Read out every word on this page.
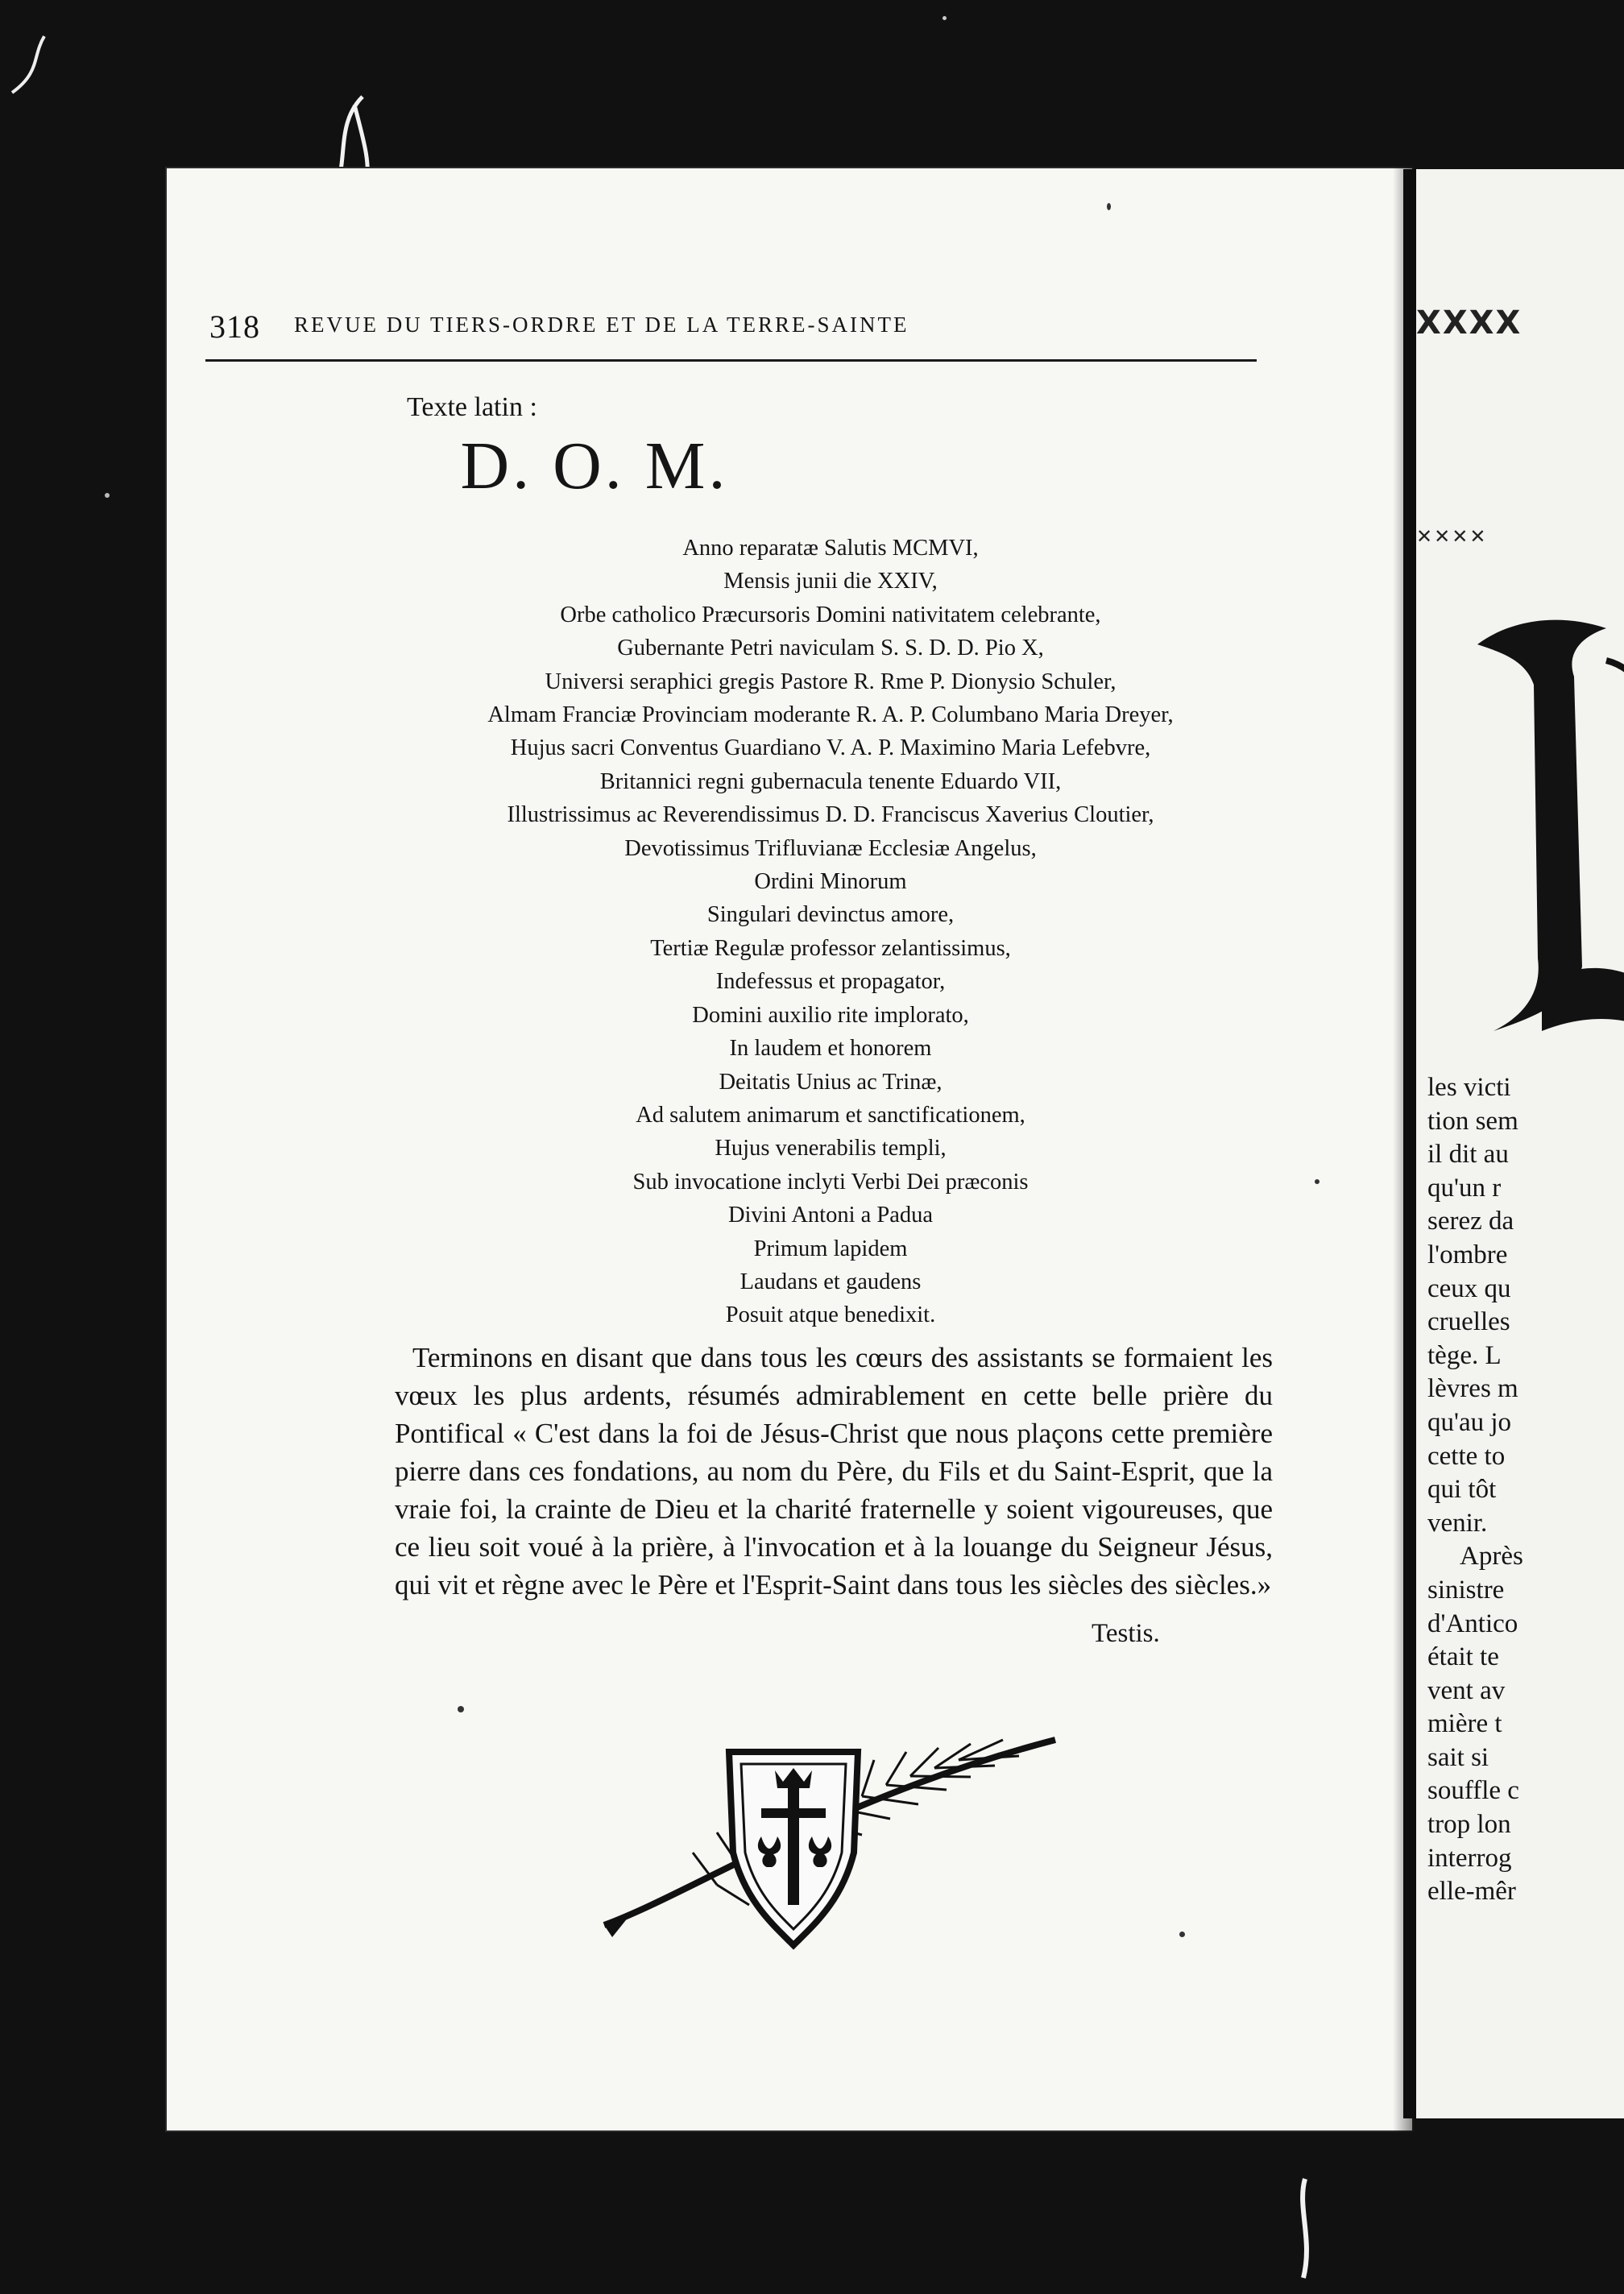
XXXX
✕✕✕✕
les victi
tion sem
il dit au
qu'un r
serez da
l'ombre
ceux qu
cruelles
tège. L
lèvres m
qu'au jo
cette to
qui tôt
venir.
Après
sinistre
d'Antico
était te
vent av
mière t
sait si
souffle c
trop lon
interrog
elle-mêr
318 REVUE DU TIERS-ORDRE ET DE LA TERRE-SAINTE
Texte latin :
D. O. M.
Anno reparatæ Salutis MCMVI,
Mensis junii die XXIV,
Orbe catholico Præcursoris Domini nativitatem celebrante,
Gubernante Petri naviculam S. S. D. D. Pio X,
Universi seraphici gregis Pastore R. Rme P. Dionysio Schuler,
Almam Franciæ Provinciam moderante R. A. P. Columbano Maria Dreyer,
Hujus sacri Conventus Guardiano V. A. P. Maximino Maria Lefebvre,
Britannici regni gubernacula tenente Eduardo VII,
Illustrissimus ac Reverendissimus D. D. Franciscus Xaverius Cloutier,
Devotissimus Trifluvianæ Ecclesiæ Angelus,
Ordini Minorum
Singulari devinctus amore,
Tertiæ Regulæ professor zelantissimus,
Indefessus et propagator,
Domini auxilio rite implorato,
In laudem et honorem
Deitatis Unius ac Trinæ,
Ad salutem animarum et sanctificationem,
Hujus venerabilis templi,
Sub invocatione inclyti Verbi Dei præconis
Divini Antoni a Padua
Primum lapidem
Laudans et gaudens
Posuit atque benedixit.
Terminons en disant que dans tous les cœurs des assistants se formaient les vœux les plus ardents, résumés admirablement en cette belle prière du Pontifical « C'est dans la foi de Jésus-Christ que nous plaçons cette première pierre dans ces fondations, au nom du Père, du Fils et du Saint-Esprit, que la vraie foi, la crainte de Dieu et la charité fraternelle y soient vigoureuses, que ce lieu soit voué à la prière, à l'invocation et à la louange du Seigneur Jésus, qui vit et règne avec le Père et l'Esprit-Saint dans tous les siècles des siècles.»
Testis.
